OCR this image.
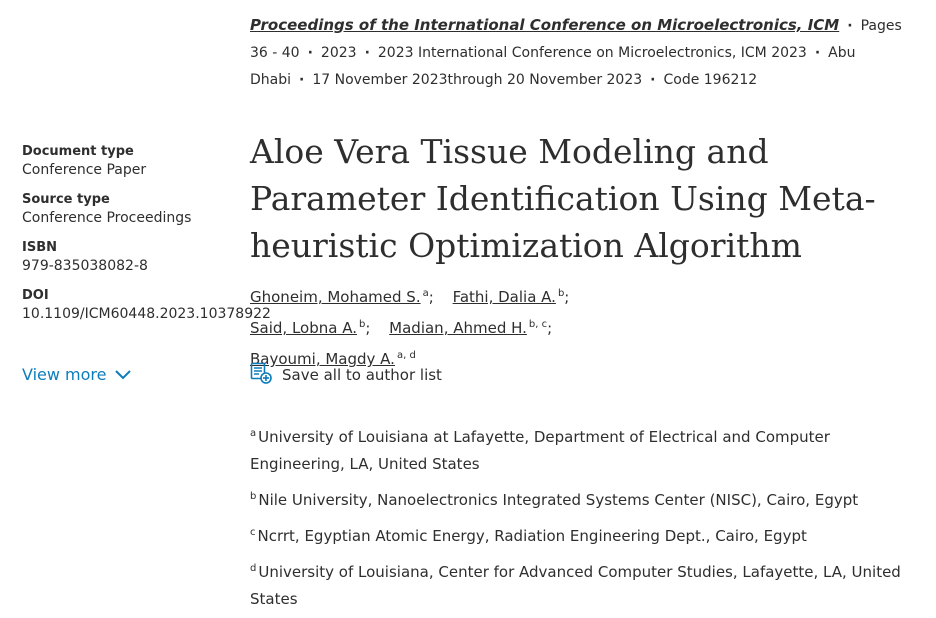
Proceedings of the International Conference on Microelectronics, ICM · Pages 36 - 40 · 2023 · 2023 International Conference on Microelectronics, ICM 2023 · Abu Dhabi · 17 November 2023through 20 November 2023 · Code 196212
Document type
Conference Paper
Source type
Conference Proceedings
ISBN
979-835038082-8
DOI
10.1109/ICM60448.2023.10378922
View more
Aloe Vera Tissue Modeling and Parameter Identification Using Meta-heuristic Optimization Algorithm
Ghoneim, Mohamed S. $^a$; Fathi, Dalia A. $^b$;
Said, Lobna A. $^b$; Madian, Ahmed H. $^{b, c}$;
Bayoumi, Magdy A. $^{a, d}$
Save all to author list
$^a$ University of Louisiana at Lafayette, Department of Electrical and Computer Engineering, LA, United States
$^b$ Nile University, Nanoelectronics Integrated Systems Center (NISC), Cairo, Egypt
$^c$ Ncrrt, Egyptian Atomic Energy, Radiation Engineering Dept., Cairo, Egypt
$^d$ University of Louisiana, Center for Advanced Computer Studies, Lafayette, LA, United States
